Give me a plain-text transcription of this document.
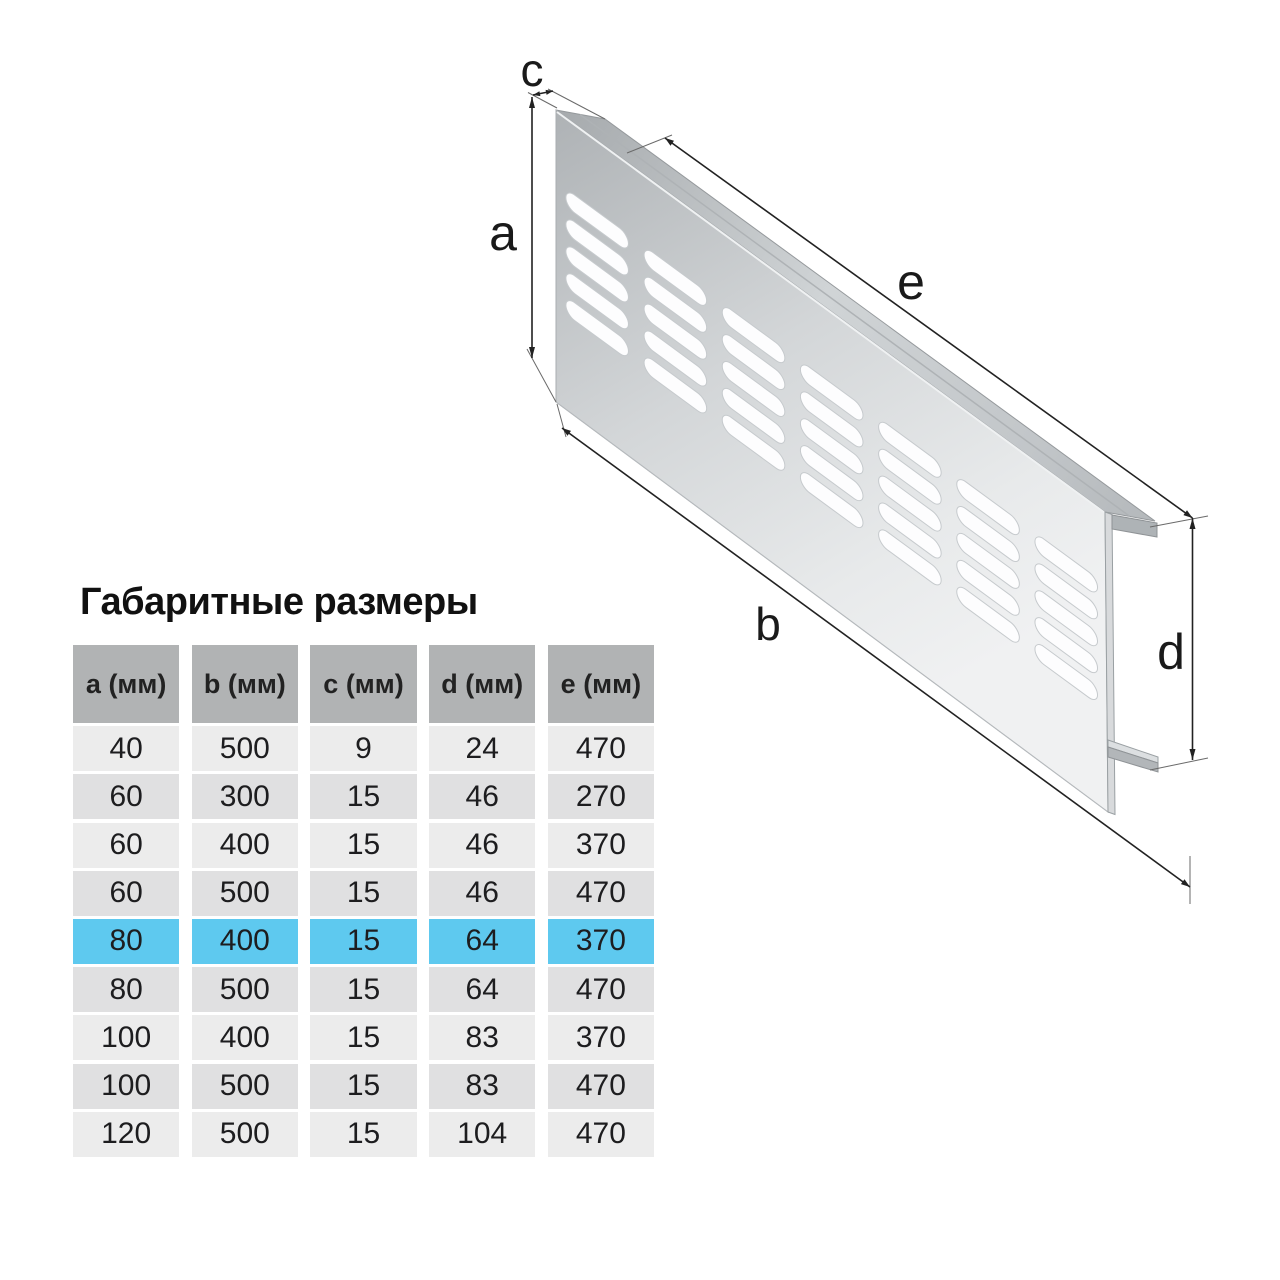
c
a
e
d
b
Габаритные размеры
a (мм)	b (мм)	c (мм)	d (мм)	e (мм)
40	500	9	24	470
60	300	15	46	270
60	400	15	46	370
60	500	15	46	470
80	400	15	64	370
80	500	15	64	470
100	400	15	83	370
100	500	15	83	470
120	500	15	104	470
